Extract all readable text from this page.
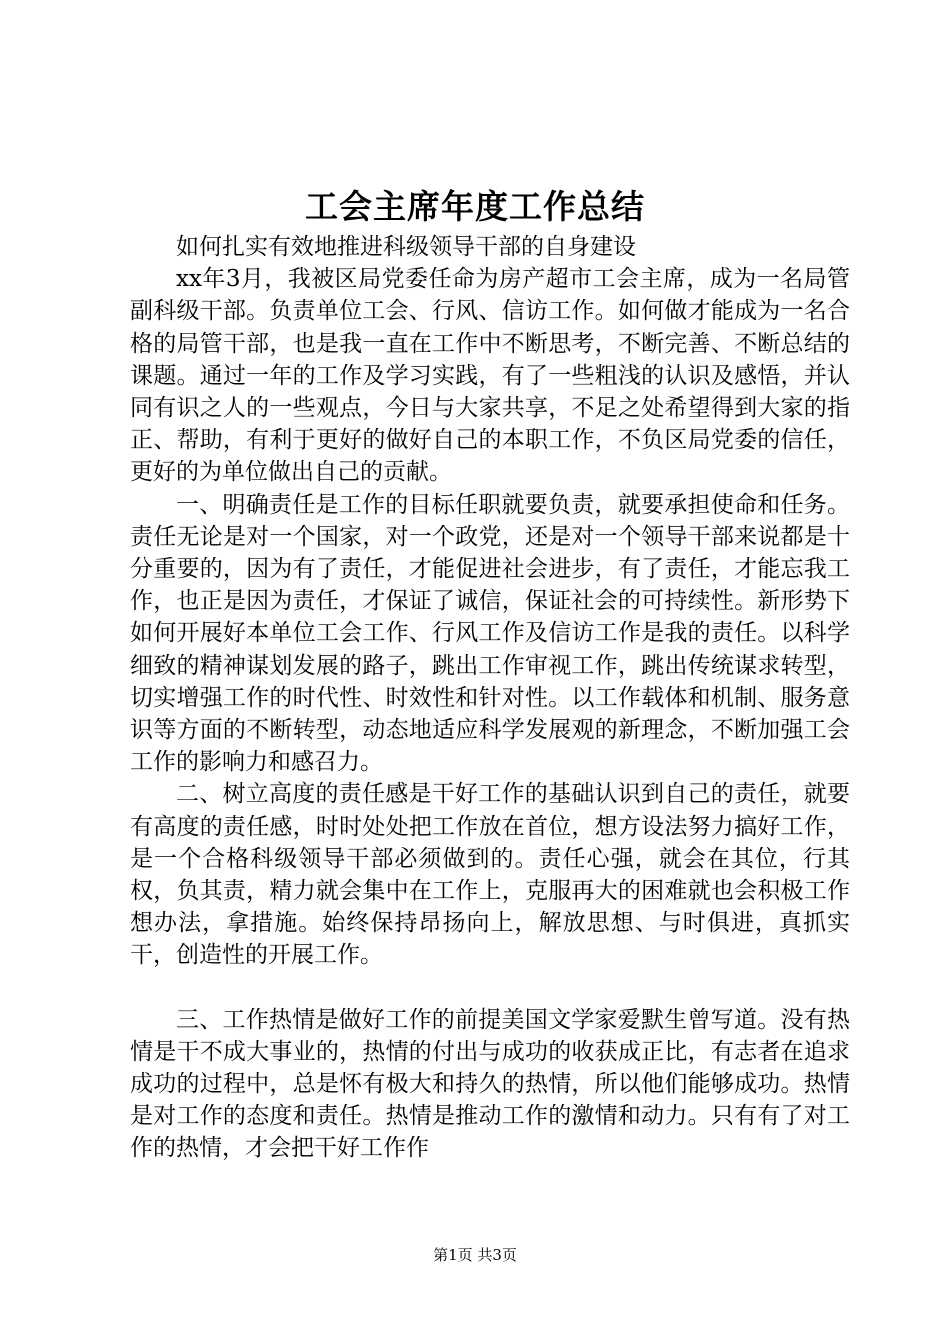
工会主席年度工作总结

如何扎实有效地推进科级领导干部的自身建设

xx年3月，我被区局党委任命为房产超市工会主席，成为一名局管副科级干部。负责单位工会、行风、信访工作。如何做才能成为一名合格的局管干部，也是我一直在工作中不断思考，不断完善、不断总结的课题。通过一年的工作及学习实践，有了一些粗浅的认识及感悟，并认同有识之人的一些观点，今日与大家共享，不足之处希望得到大家的指正、帮助，有利于更好的做好自己的本职工作，不负区局党委的信任，更好的为单位做出自己的贡献。

一、明确责任是工作的目标任职就要负责，就要承担使命和任务。责任无论是对一个国家，对一个政党，还是对一个领导干部来说都是十分重要的，因为有了责任，才能促进社会进步，有了责任，才能忘我工作，也正是因为责任，才保证了诚信，保证社会的可持续性。新形势下如何开展好本单位工会工作、行风工作及信访工作是我的责任。以科学细致的精神谋划发展的路子，跳出工作审视工作，跳出传统谋求转型，切实增强工作的时代性、时效性和针对性。以工作载体和机制、服务意识等方面的不断转型，动态地适应科学发展观的新理念，不断加强工会工作的影响力和感召力。

二、树立高度的责任感是干好工作的基础认识到自己的责任，就要有高度的责任感，时时处处把工作放在首位，想方设法努力搞好工作，是一个合格科级领导干部必须做到的。责任心强，就会在其位，行其权，负其责，精力就会集中在工作上，克服再大的困难就也会积极工作想办法，拿措施。始终保持昂扬向上，解放思想、与时俱进，真抓实干，创造性的开展工作。

三、工作热情是做好工作的前提美国文学家爱默生曾写道。没有热情是干不成大事业的，热情的付出与成功的收获成正比，有志者在追求成功的过程中，总是怀有极大和持久的热情，所以他们能够成功。热情是对工作的态度和责任。热情是推动工作的激情和动力。只有有了对工作的热情，才会把干好工作作

第1页 共3页
